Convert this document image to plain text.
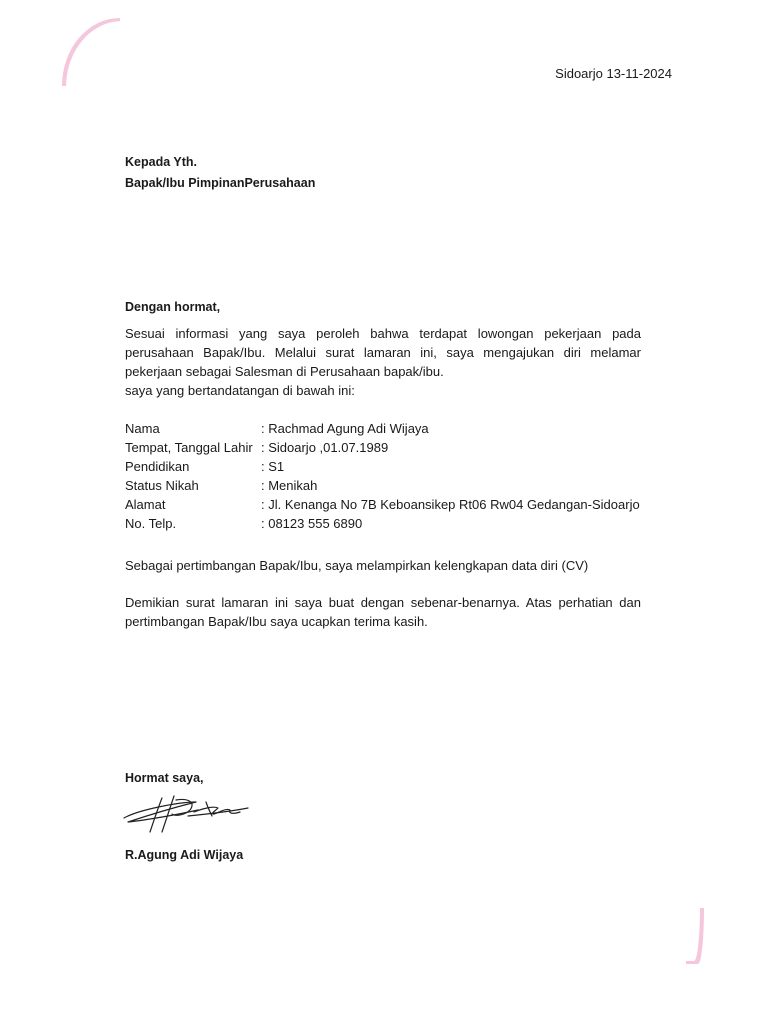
Sidoarjo 13-11-2024
Kepada Yth.
Bapak/Ibu PimpinanPerusahaan
Dengan hormat,
Sesuai informasi yang saya peroleh bahwa terdapat lowongan pekerjaan pada
perusahaan Bapak/Ibu. Melalui surat lamaran ini, saya mengajukan diri melamar
pekerjaan sebagai Salesman di Perusahaan bapak/ibu.
saya yang bertandatangan di bawah ini:
Nama	: Rachmad Agung Adi Wijaya
Tempat, Tanggal Lahir : Sidoarjo ,01.07.1989
Pendidikan	: S1
Status Nikah	: Menikah
Alamat	: Jl. Kenanga No 7B Keboansikep Rt06 Rw04 Gedangan-Sidoarjo
No. Telp.	: 08123 555 6890
Sebagai pertimbangan Bapak/Ibu, saya melampirkan kelengkapan data diri (CV)
Demikian surat lamaran ini saya buat dengan sebenar-benarnya. Atas perhatian dan
pertimbangan Bapak/Ibu saya ucapkan terima kasih.
Hormat saya,
R.Agung Adi Wijaya
